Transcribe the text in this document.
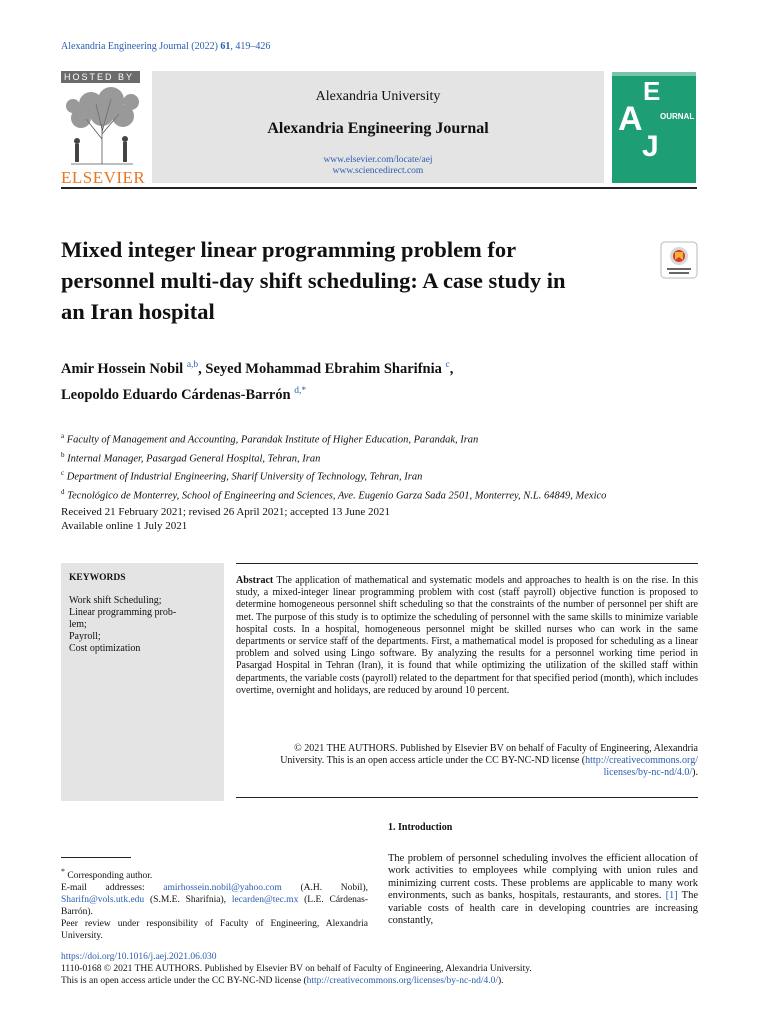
Alexandria Engineering Journal (2022) 61, 419–426
HOSTED BY
ELSEVIER
Alexandria University
Alexandria Engineering Journal
www.elsevier.com/locate/aej
www.sciencedirect.com
E
A OURNAL
J
Mixed integer linear programming problem for
personnel multi-day shift scheduling: A case study in
an Iran hospital
Amir Hossein Nobil $^{a,b}$, Seyed Mohammad Ebrahim Sharifnia $^c$,
Leopoldo Eduardo Cárdenas-Barrón $^{d,*}$
$^a$ Faculty of Management and Accounting, Parandak Institute of Higher Education, Parandak, Iran
$^b$ Internal Manager, Pasargad General Hospital, Tehran, Iran
$^c$ Department of Industrial Engineering, Sharif University of Technology, Tehran, Iran
$^d$ Tecnológico de Monterrey, School of Engineering and Sciences, Ave. Eugenio Garza Sada 2501, Monterrey, N.L. 64849, Mexico
Received 21 February 2021; revised 26 April 2021; accepted 13 June 2021
Available online 1 July 2021
KEYWORDS
Work shift Scheduling;
Linear programming prob-
lem;
Payroll;
Cost optimization
Abstract The application of mathematical and systematic models and approaches to health is on the rise. In this study, a mixed-integer linear programming problem with cost (staff payroll) objective function is proposed to determine homogeneous personnel shift scheduling so that the constraints of the number of personnel per shift are met. The purpose of this study is to optimize the scheduling of personnel with the same skills to minimize variable hospital costs. In a hospital, homogeneous personnel might be skilled nurses who can work in the same departments or service staff of the departments. First, a mathematical model is proposed for scheduling as a linear problem and solved using Lingo software. By analyzing the results for a personnel working time period in Pasargad Hospital in Tehran (Iran), it is found that while optimizing the utilization of the skilled staff within departments, the variable costs (payroll) related to the department for that specified period (month), which includes overtime, overnight and holidays, are reduced by around 10 percent.
© 2021 THE AUTHORS. Published by Elsevier BV on behalf of Faculty of Engineering, Alexandria
University. This is an open access article under the CC BY-NC-ND license (http://creativecommons.org/
licenses/by-nc-nd/4.0/).
1. Introduction
The problem of personnel scheduling involves the efficient allocation of work activities to employees while complying with union rules and minimizing current costs. These problems are applicable to many work environments, such as banks, hospitals, restaurants, and stores. [1] The variable costs of health care in developing countries are increasing constantly,
* Corresponding author.
E-mail addresses: amirhossein.nobil@yahoo.com (A.H. Nobil), Sharifn@vols.utk.edu (S.M.E. Sharifnia), lecarden@tec.mx (L.E. Cárdenas-Barrón).
Peer review under responsibility of Faculty of Engineering, Alexandria University.
https://doi.org/10.1016/j.aej.2021.06.030
1110-0168 © 2021 THE AUTHORS. Published by Elsevier BV on behalf of Faculty of Engineering, Alexandria University.
This is an open access article under the CC BY-NC-ND license (http://creativecommons.org/licenses/by-nc-nd/4.0/).
